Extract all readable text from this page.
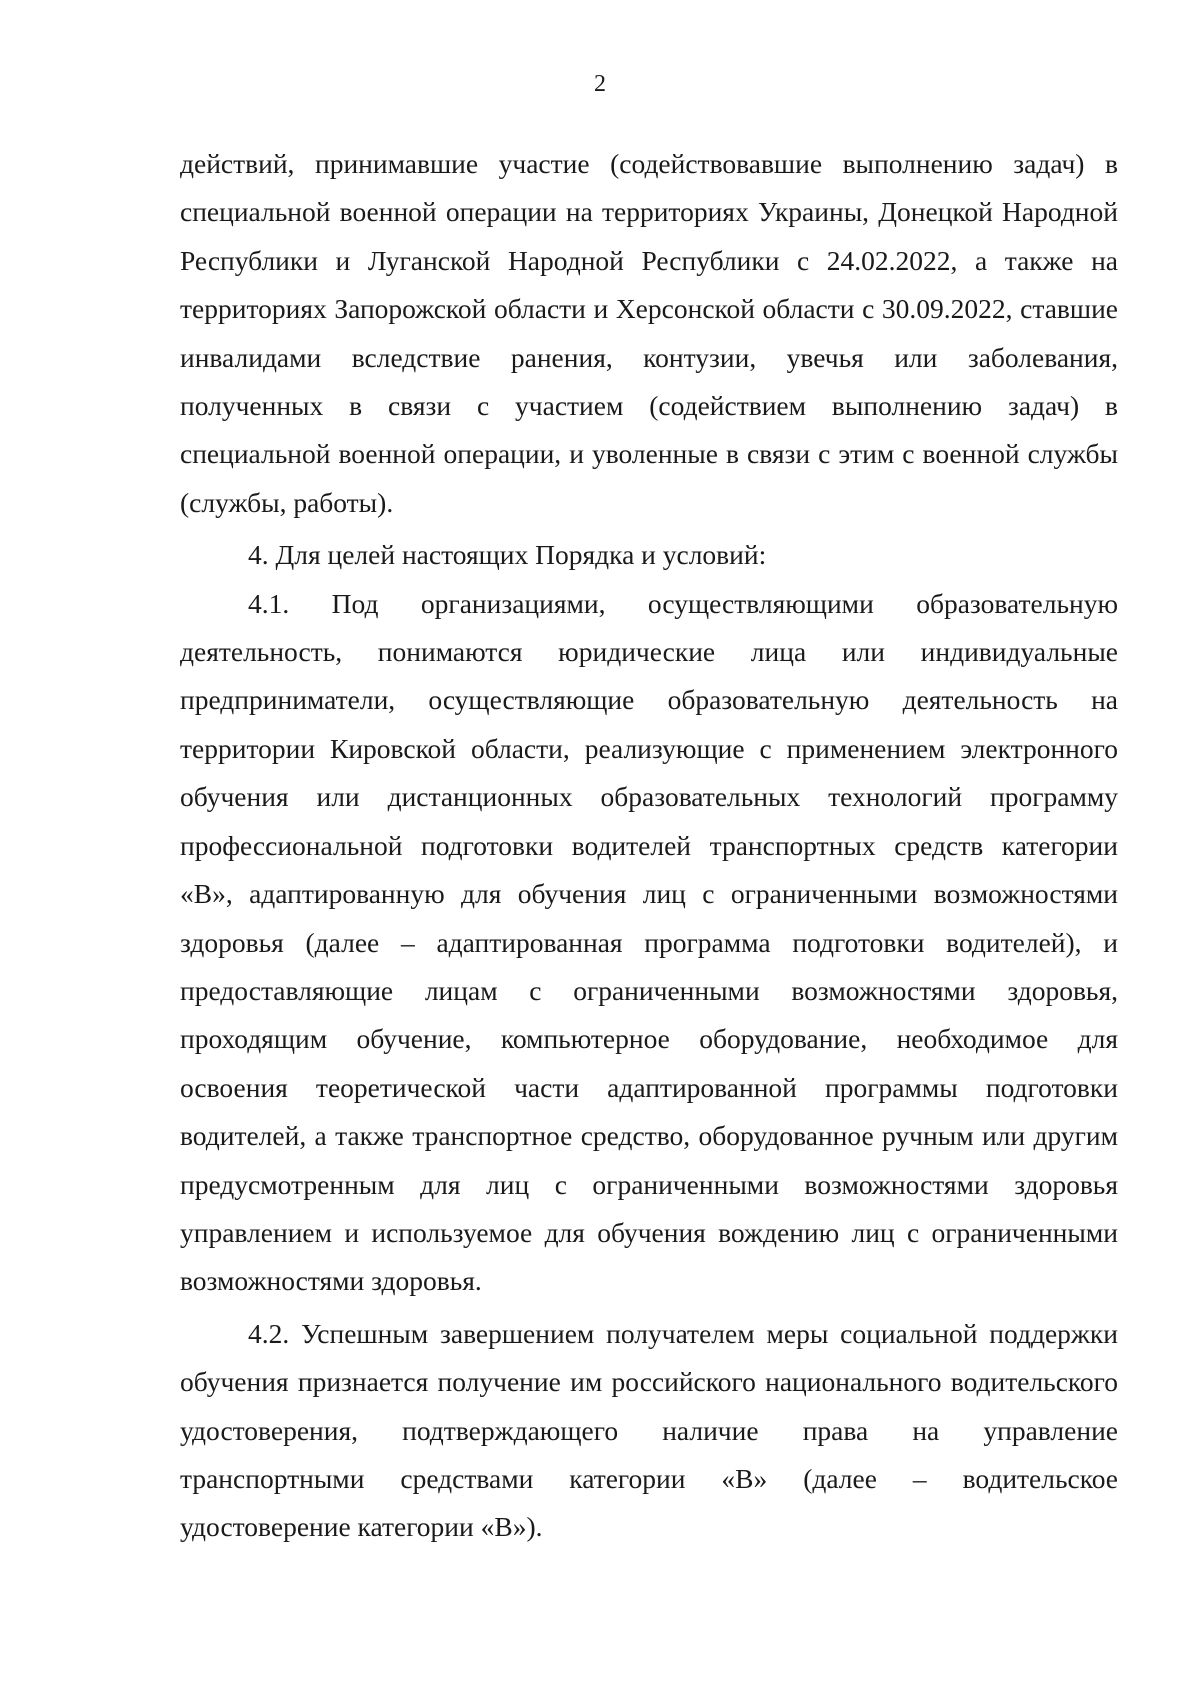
2

действий, принимавшие участие (содействовавшие выполнению задач) в специальной военной операции на территориях Украины, Донецкой Народной Республики и Луганской Народной Республики с 24.02.2022, а также на территориях Запорожской области и Херсонской области с 30.09.2022, ставшие инвалидами вследствие ранения, контузии, увечья или заболевания, полученных в связи с участием (содействием выполнению задач) в специальной военной операции, и уволенные в связи с этим с военной службы (службы, работы).

4. Для целей настоящих Порядка и условий:

4.1. Под организациями, осуществляющими образовательную деятельность, понимаются юридические лица или индивидуальные предприниматели, осуществляющие образовательную деятельность на территории Кировской области, реализующие с применением электронного обучения или дистанционных образовательных технологий программу профессиональной подготовки водителей транспортных средств категории «В», адаптированную для обучения лиц с ограниченными возможностями здоровья (далее – адаптированная программа подготовки водителей), и предоставляющие лицам с ограниченными возможностями здоровья, проходящим обучение, компьютерное оборудование, необходимое для освоения теоретической части адаптированной программы подготовки водителей, а также транспортное средство, оборудованное ручным или другим предусмотренным для лиц с ограниченными возможностями здоровья управлением и используемое для обучения вождению лиц с ограниченными возможностями здоровья.

4.2. Успешным завершением получателем меры социальной поддержки обучения признается получение им российского национального водительского удостоверения, подтверждающего наличие права на управление транспортными средствами категории «В» (далее – водительское удостоверение категории «В»).
